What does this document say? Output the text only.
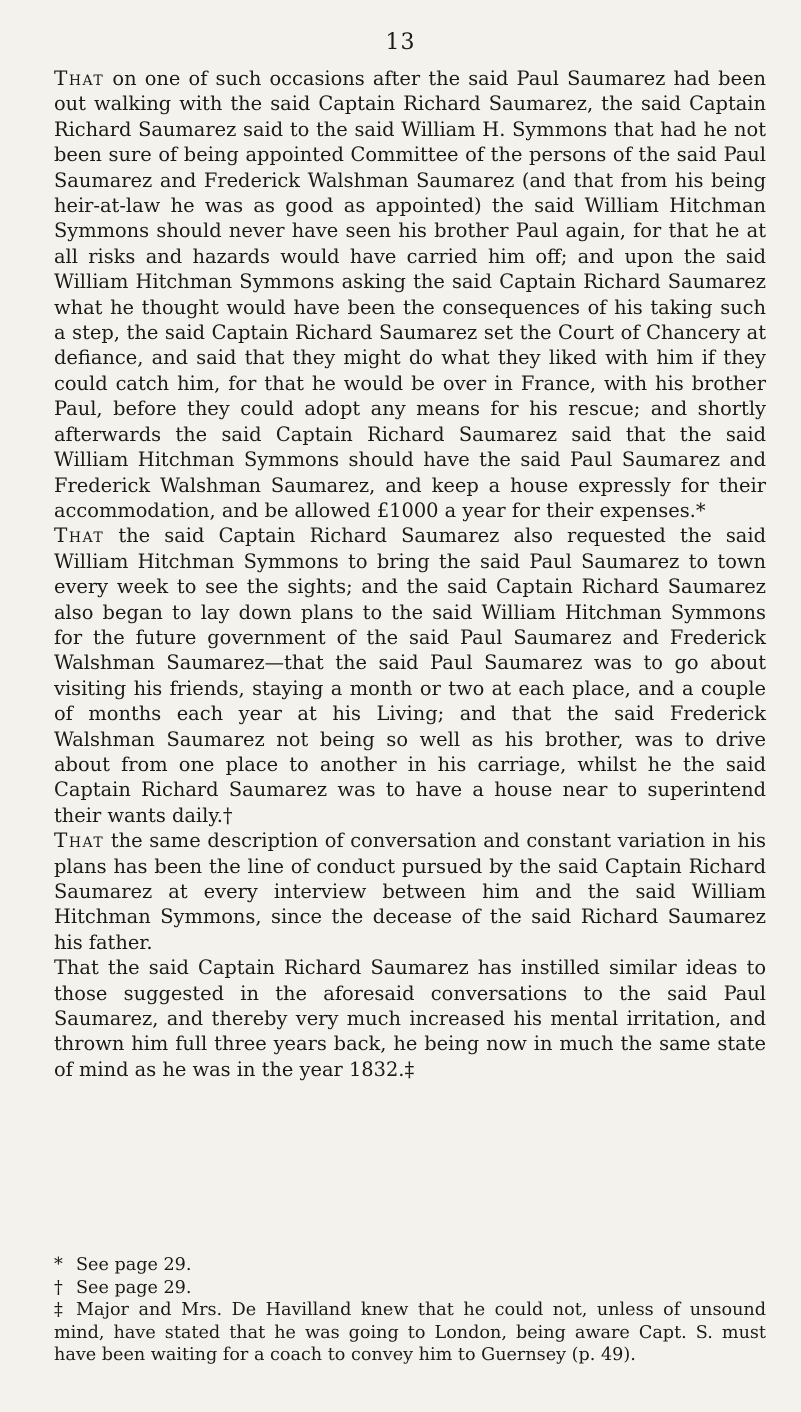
13

That on one of such occasions after the said Paul Saumarez had been out walking with the said Captain Richard Saumarez, the said Captain Richard Saumarez said to the said William H. Symmons that had he not been sure of being appointed Committee of the persons of the said Paul Saumarez and Frederick Walshman Saumarez (and that from his being heir-at-law he was as good as appointed) the said William Hitchman Symmons should never have seen his brother Paul again, for that he at all risks and hazards would have carried him off; and upon the said William Hitchman Symmons asking the said Captain Richard Saumarez what he thought would have been the consequences of his taking such a step, the said Captain Richard Saumarez set the Court of Chancery at defiance, and said that they might do what they liked with him if they could catch him, for that he would be over in France, with his brother Paul, before they could adopt any means for his rescue; and shortly afterwards the said Captain Richard Saumarez said that the said William Hitchman Symmons should have the said Paul Saumarez and Frederick Walshman Saumarez, and keep a house expressly for their accommodation, and be allowed £1000 a year for their expenses.*

That the said Captain Richard Saumarez also requested the said William Hitchman Symmons to bring the said Paul Saumarez to town every week to see the sights; and the said Captain Richard Saumarez also began to lay down plans to the said William Hitchman Symmons for the future government of the said Paul Saumarez and Frederick Walshman Saumarez—that the said Paul Saumarez was to go about visiting his friends, staying a month or two at each place, and a couple of months each year at his Living; and that the said Frederick Walshman Saumarez not being so well as his brother, was to drive about from one place to another in his carriage, whilst he the said Captain Richard Saumarez was to have a house near to superintend their wants daily.†

That the same description of conversation and constant variation in his plans has been the line of conduct pursued by the said Captain Richard Saumarez at every interview between him and the said William Hitchman Symmons, since the decease of the said Richard Saumarez his father.

That the said Captain Richard Saumarez has instilled similar ideas to those suggested in the aforesaid conversations to the said Paul Saumarez, and thereby very much increased his mental irritation, and thrown him full three years back, he being now in much the same state of mind as he was in the year 1832.‡

* See page 29.

† See page 29.

‡ Major and Mrs. De Havilland knew that he could not, unless of unsound mind, have stated that he was going to London, being aware Capt. S. must have been waiting for a coach to convey him to Guernsey (p. 49).
